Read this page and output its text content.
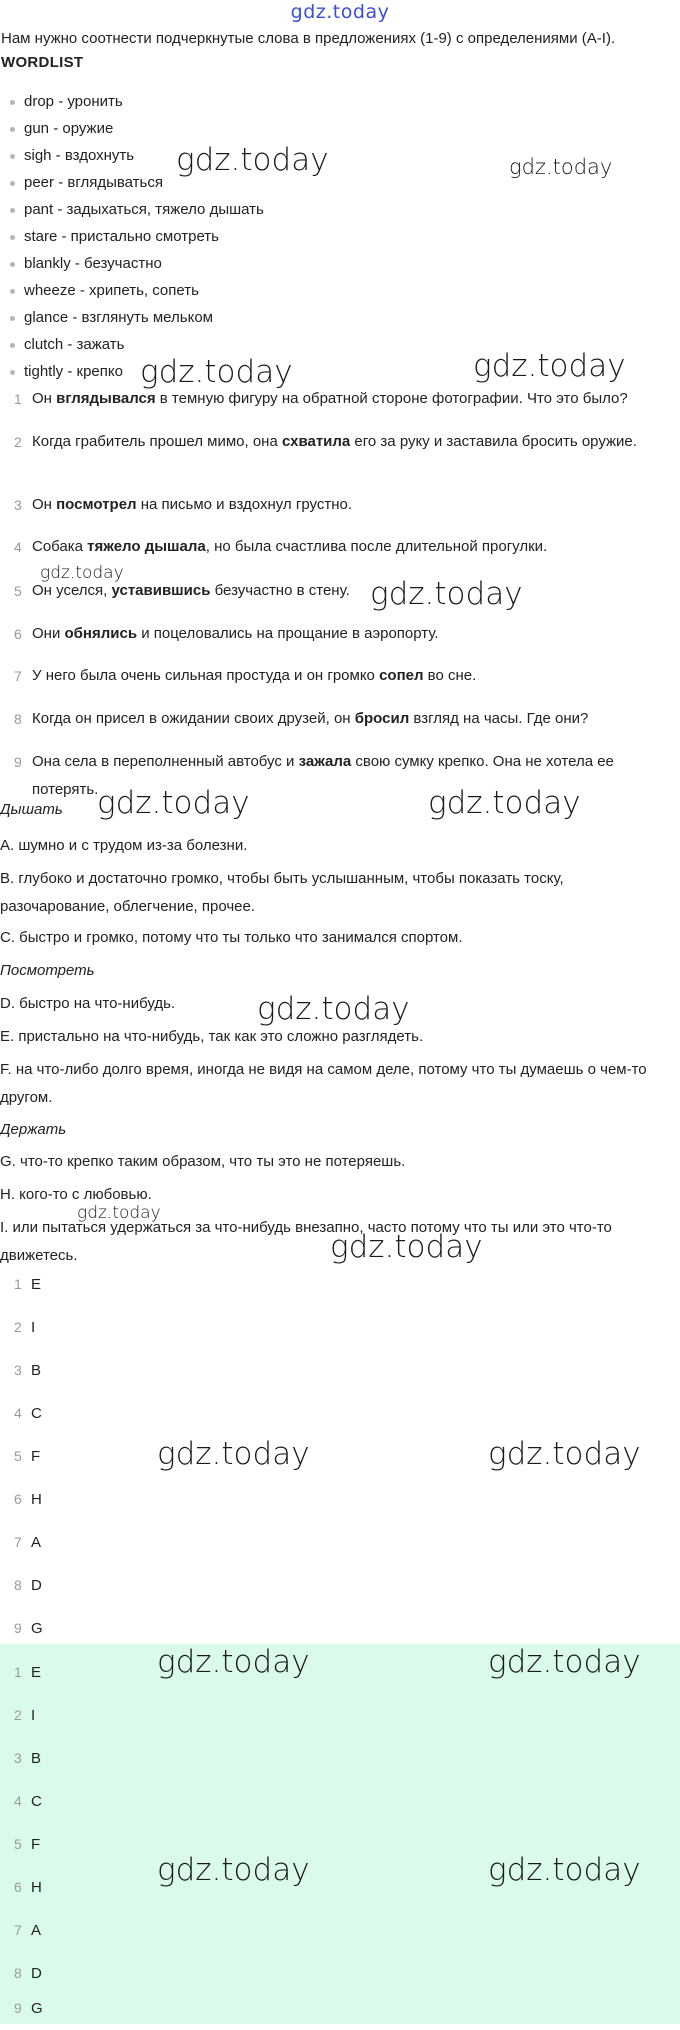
gdz.today
Нам нужно соотнести подчеркнутые слова в предложениях (1-9) с определениями (A-I).
WORDLIST
drop - уронить
gun - оружие
sigh - вздохнуть
peer - вглядываться
pant - задыхаться, тяжело дышать
stare - пристально смотреть
blankly - безучастно
wheeze - хрипеть, сопеть
glance - взглянуть мельком
clutch - зажать
tightly - крепко
1 Он вглядывался в темную фигуру на обратной стороне фотографии. Что это было?
2 Когда грабитель прошел мимо, она схватила его за руку и заставила бросить оружие.
3 Он посмотрел на письмо и вздохнул грустно.
4 Собака тяжело дышала, но была счастлива после длительной прогулки.
5 Он уселся, уставившись безучастно в стену.
6 Они обнялись и поцеловались на прощание в аэропорту.
7 У него была очень сильная простуда и он громко сопел во сне.
8 Когда он присел в ожидании своих друзей, он бросил взгляд на часы. Где они?
9 Она села в переполненный автобус и зажала свою сумку крепко. Она не хотела ее потерять.
Дышать
A. шумно и с трудом из-за болезни.
B. глубоко и достаточно громко, чтобы быть услышанным, чтобы показать тоску, разочарование, облегчение, прочее.
C. быстро и громко, потому что ты только что занимался спортом.
Посмотреть
D. быстро на что-нибудь.
E. пристально на что-нибудь, так как это сложно разглядеть.
F. на что-либо долго время, иногда не видя на самом деле, потому что ты думаешь о чем-то другом.
Держать
G. что-то крепко таким образом, что ты это не потеряешь.
H. кого-то с любовью.
I. или пытаться удержаться за что-нибудь внезапно, часто потому что ты или это что-то движетесь.
1 E
2 I
3 B
4 C
5 F
6 H
7 A
8 D
9 G
1 E
2 I
3 B
4 C
5 F
6 H
7 A
8 D
9 G
gdz.today	gdz.today
gdz.today	gdz.today
gdz.today
gdz.today
gdz.today	gdz.today
gdz.today
gdz.today
gdz.today
gdz.today	gdz.today
gdz.today	gdz.today
gdz.today	gdz.today
